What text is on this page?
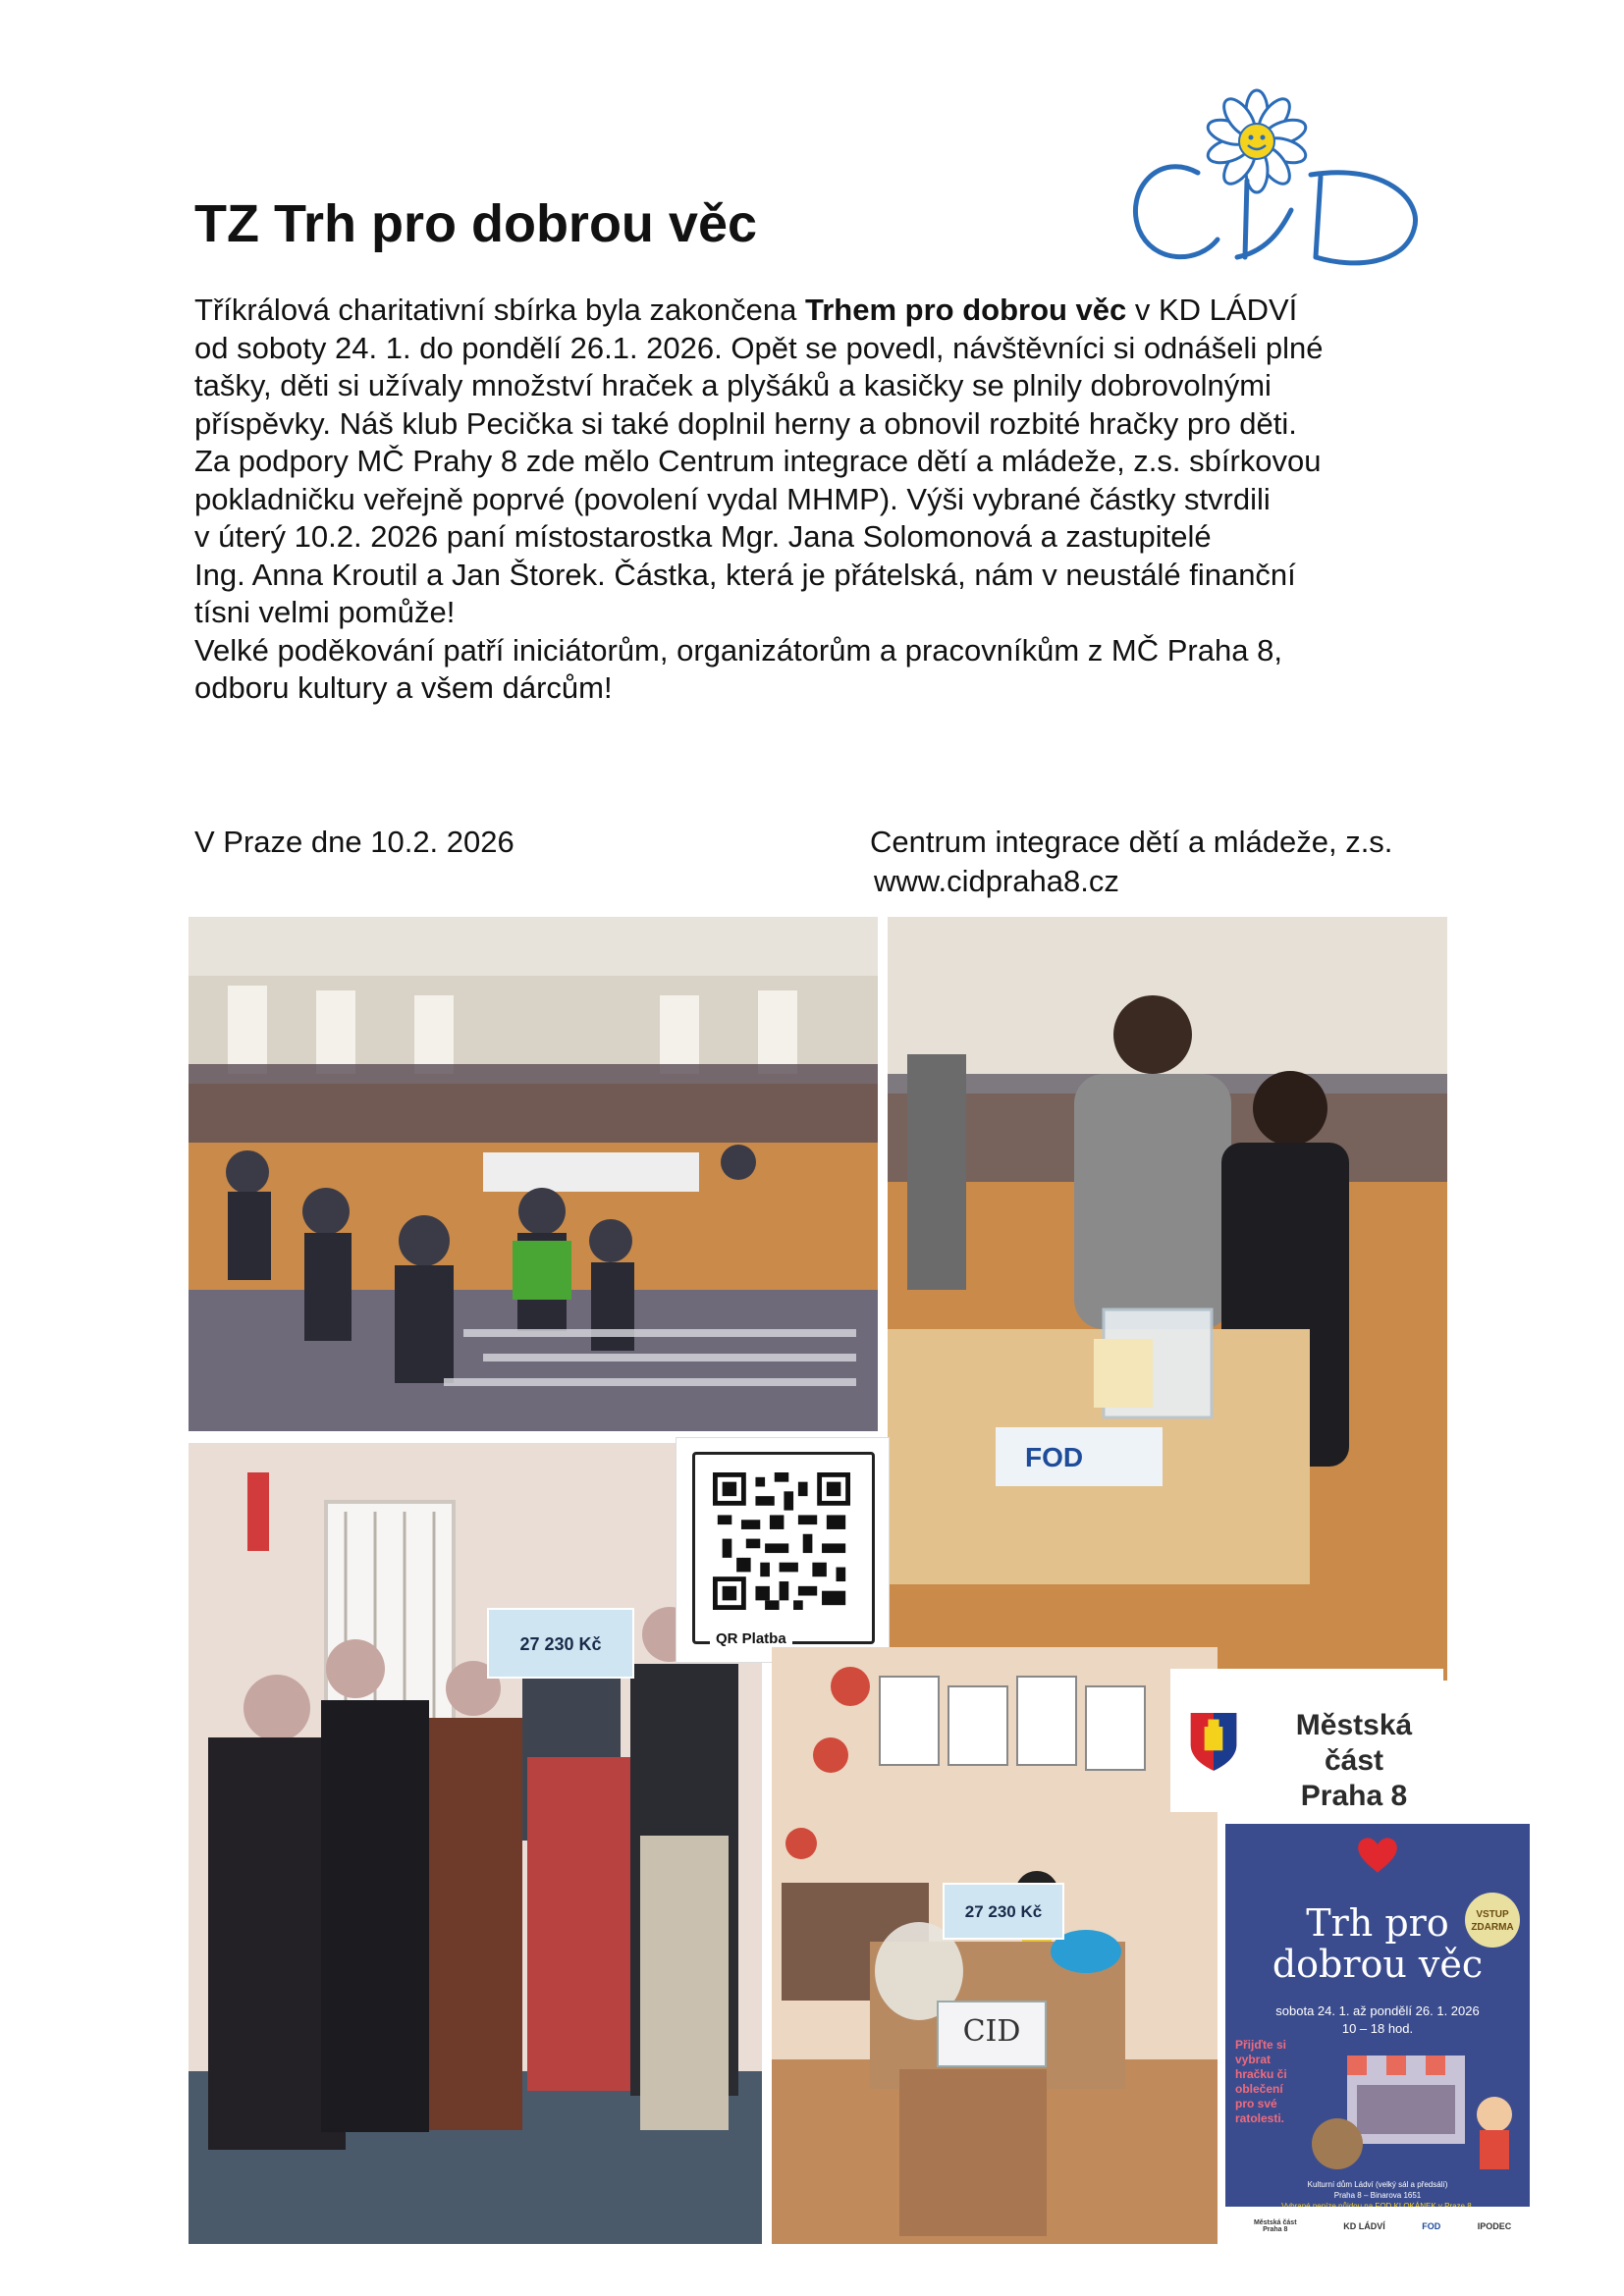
TZ Trh pro dobrou věc
Tříkrálová charitativní sbírka byla zakončena Trhem pro dobrou věc v KD LÁDVÍ
od soboty 24. 1. do pondělí 26.1. 2026. Opět se povedl, návštěvníci si odnášeli plné
tašky, děti si užívaly množství hraček a plyšáků a kasičky se plnily dobrovolnými
příspěvky. Náš klub Pecička si také doplnil herny a obnovil rozbité hračky pro děti.
Za podpory MČ Prahy 8 zde mělo Centrum integrace dětí a mládeže, z.s. sbírkovou
pokladničku veřejně poprvé (povolení vydal MHMP). Výši vybrané částky stvrdili
v úterý 10.2. 2026 paní místostarostka Mgr. Jana Solomonová a zastupitelé
Ing. Anna Kroutil a Jan Štorek. Částka, která je přátelská, nám v neustálé finanční
tísni velmi pomůže!
Velké poděkování patří iniciátorům, organizátorům a pracovníkům z MČ Praha 8,
odboru kultury a všem dárcům!
V Praze dne 10.2. 2026	Centrum integrace dětí a mládeže, z.s.
www.cidpraha8.cz
FOD
27 230 Kč	QR Platba
27 230 Kč
CID
Městská část
Praha 8
VSTUP ZDARMA
Trh pro
dobrou věc
sobota 24. 1. až pondělí 26. 1. 2026
10 – 18 hod.
Přijďte si vybrat hračku či oblečení pro své ratolesti.
Kulturní dům Ládví (velký sál a předsálí)
Praha 8 – Binarova 1651
Městská část Praha 8	KD LÁDVÍ	FOD	IPODEC
